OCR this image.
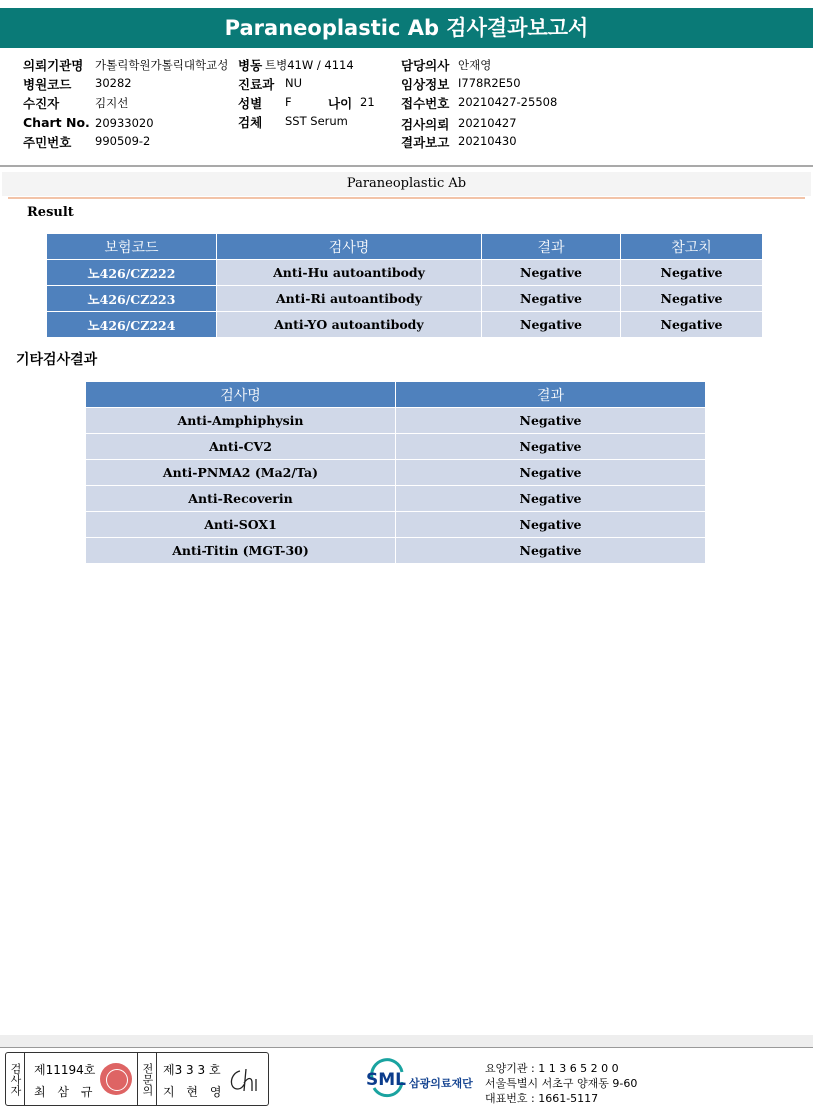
Paraneoplastic Ab 검사결과보고서
의뢰기관명 가톨릭학원가톨릭대학교성 병동 트병41W / 4114	담당의사 안재영
병원코드 30282	진료과 NU	임상정보 I778R2E50
수진자	김지선	성별 F	나이 21 접수번호 20210427-25508
Chart No. 20933020	검체 SST Serum	검사의뢰 20210427
주민번호 990509-2	결과보고 20210430
Paraneoplastic Ab
Result
보험코드	검사명	결과	참고치
노426/CZ222	Anti-Hu autoantibody	Negative	Negative
노426/CZ223	Anti-Ri autoantibody	Negative	Negative
노426/CZ224	Anti-YO autoantibody	Negative	Negative
기타검사결과
검사명	결과
Anti-Amphiphysin	Negative
Anti-CV2	Negative
Anti-PNMA2 (Ma2/Ta)	Negative
Anti-Recoverin	Negative
Anti-SOX1	Negative
Anti-Titin (MGT-30)	Negative
검사자 제11194호
최 삼 규	전문의 제3 3 3 호
지 현 영
SML 삼광의료재단
요양기관 : 1 1 3 6 5 2 0 0
서울특별시 서초구 양재동 9-60
대표번호 : 1661-5117
